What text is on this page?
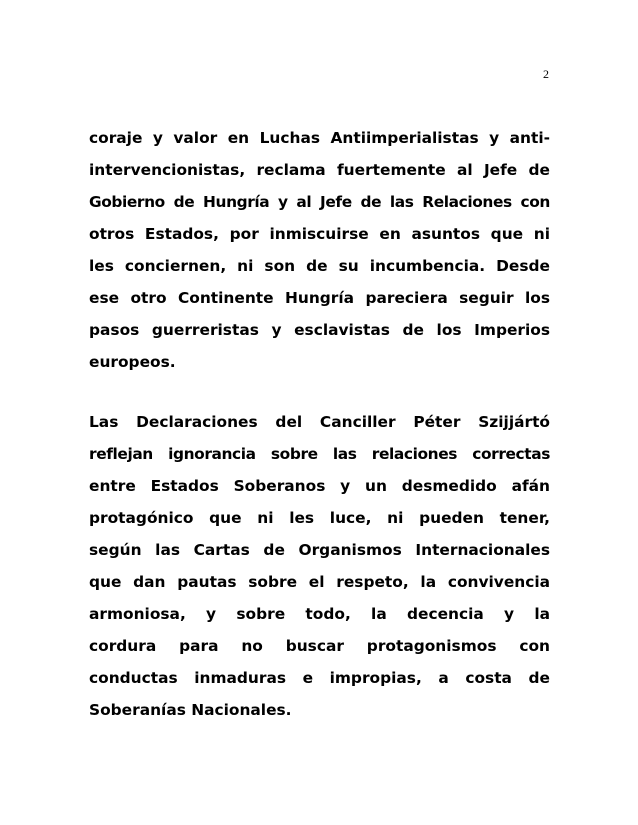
2
coraje y valor en Luchas Antiimperialistas y anti-
intervencionistas, reclama fuertemente al Jefe de
Gobierno de Hungría y al Jefe de las Relaciones con
otros Estados, por inmiscuirse en asuntos que ni
les conciernen, ni son de su incumbencia. Desde
ese otro Continente Hungría pareciera seguir los
pasos guerreristas y esclavistas de los Imperios
europeos.
Las Declaraciones del Canciller Péter Szijjártó
reflejan ignorancia sobre las relaciones correctas
entre Estados Soberanos y un desmedido afán
protagónico que ni les luce, ni pueden tener,
según las Cartas de Organismos Internacionales
que dan pautas sobre el respeto, la convivencia
armoniosa, y sobre todo, la decencia y la
cordura para no buscar protagonismos con
conductas inmaduras e impropias, a costa de
Soberanías Nacionales.
